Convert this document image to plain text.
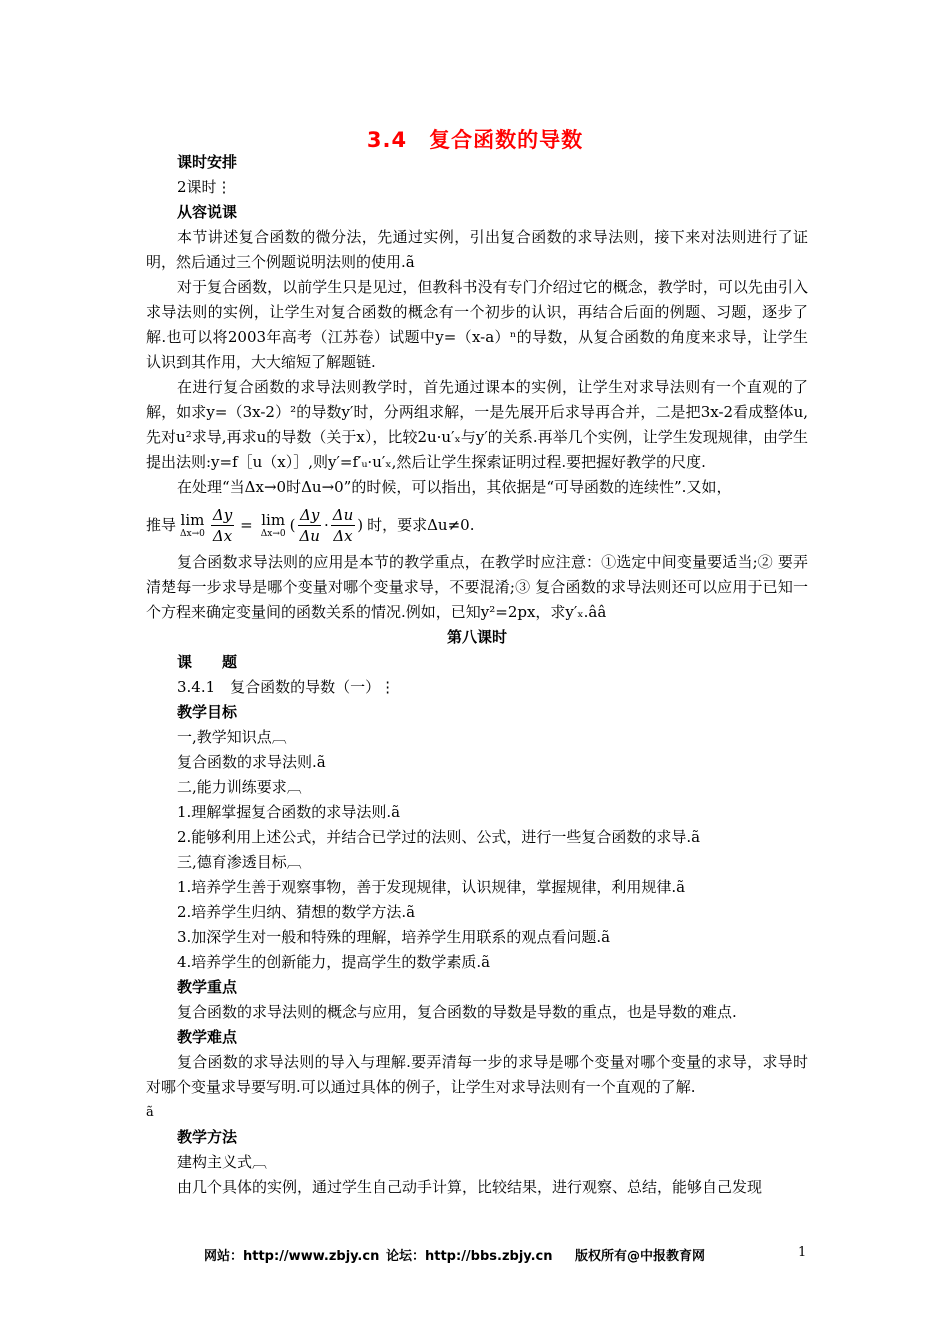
3.4　复合函数的导数
课时安排
2课时⋮
从容说课
本节讲述复合函数的微分法，先通过实例，引出复合函数的求导法则，接下来对法则进行了证明，然后通过三个例题说明法则的使用.ã
对于复合函数，以前学生只是见过，但教科书没有专门介绍过它的概念，教学时，可以先由引入求导法则的实例，让学生对复合函数的概念有一个初步的认识，再结合后面的例题、习题，逐步了解.也可以将2003年高考（江苏卷）试题中y=（x-a）ⁿ的导数，从复合函数的角度来求导，让学生认识到其作用，大大缩短了解题链.
在进行复合函数的求导法则教学时，首先通过课本的实例，让学生对求导法则有一个直观的了解，如求y=（3x-2）²的导数y′时，分两组求解，一是先展开后求导再合并，二是把3x-2看成整体u,先对u²求导,再求u的导数（关于x），比较2u·u′ₓ与y′的关系.再举几个实例，让学生发现规律，由学生提出法则:y=f［u（x）］,则y′=f′ᵤ·u′ₓ,然后让学生探索证明过程.要把握好教学的尺度.
在处理“当Δx→0时Δu→0”的时候，可以指出，其依据是“可导函数的连续性”.又如，
推导 lim
$\Delta x\to 0 \frac{\Delta y}{\Delta x} = \lim$
Δx→0
( $\frac{\Delta y}{\Delta u} \cdot \frac{\Delta u}{\Delta x}$ ) 时，要求Δu≠0.
复合函数求导法则的应用是本节的教学重点，在教学时应注意：①选定中间变量要适当;② 要弄清楚每一步求导是哪个变量对哪个变量求导，不要混淆;③ 复合函数的求导法则还可以应用于已知一个方程来确定变量间的函数关系的情况.例如，已知y²=2px，求y′ₓ.ââ
第八课时
课　　题
3.4.1　复合函数的导数（一）⋮
教学目标
一,教学知识点︹
复合函数的求导法则.ã
二,能力训练要求︹
1.理解掌握复合函数的求导法则.ã
2.能够利用上述公式，并结合已学过的法则、公式，进行一些复合函数的求导.ã
三,德育渗透目标︹
1.培养学生善于观察事物，善于发现规律，认识规律，掌握规律，利用规律.ã
2.培养学生归纳、猜想的数学方法.ã
3.加深学生对一般和特殊的理解，培养学生用联系的观点看问题.ã
4.培养学生的创新能力，提高学生的数学素质.ã
教学重点
复合函数的求导法则的概念与应用，复合函数的导数是导数的重点，也是导数的难点.
教学难点
复合函数的求导法则的导入与理解.要弄清每一步的求导是哪个变量对哪个变量的求导，求导时对哪个变量求导要写明.可以通过具体的例子，让学生对求导法则有一个直观的了解.
ã
教学方法
建构主义式︹
由几个具体的实例，通过学生自己动手计算，比较结果，进行观察、总结，能够自己发现
网站：http://www.zbjy.cn 论坛：http://bbs.zbjy.cn 版权所有@中报教育网	1
